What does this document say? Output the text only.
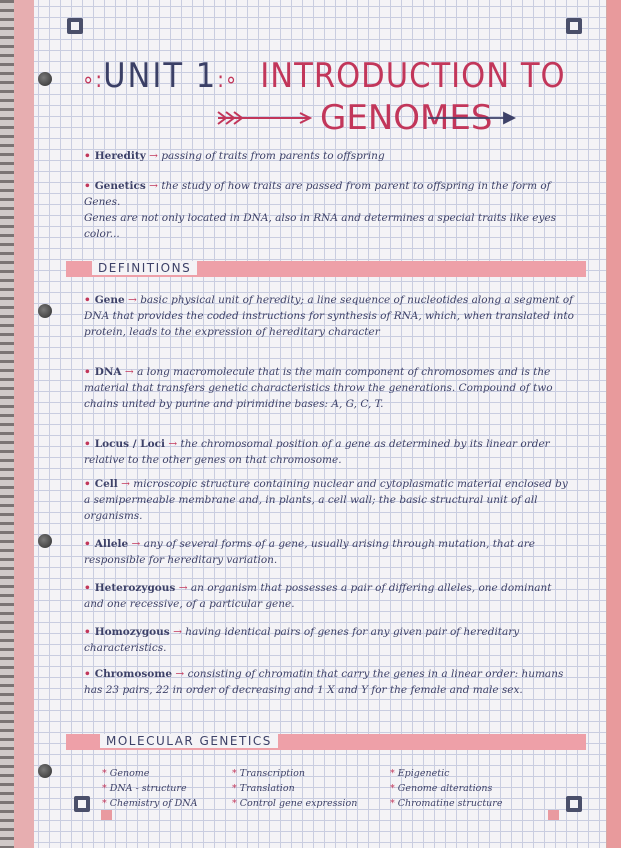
∘:UNIT 1:∘ INTRODUCTION TO
GENOMES
• Heredity → passing of traits from parents to offspring
• Genetics → the study of how traits are passed from parent to offspring in the form of Genes.
Genes are not only located in DNA, also in RNA and determines a special traits like eyes color...
DEFINITIONS
• Gene → basic physical unit of heredity; a line sequence of nucleotides along a segment of DNA that provides the coded instructions for synthesis of RNA, which, when translated into protein, leads to the expression of hereditary character
• DNA → a long macromolecule that is the main component of chromosomes and is the material that transfers genetic characteristics throw the generations. Compound of two chains united by purine and pirimidine bases: A, G, C, T.
• Locus / Loci → the chromosomal position of a gene as determined by its linear order relative to the other genes on that chromosome.
• Cell → microscopic structure containing nuclear and cytoplasmatic material enclosed by a semipermeable membrane and, in plants, a cell wall; the basic structural unit of all organisms.
• Allele → any of several forms of a gene, usually arising through mutation, that are responsible for hereditary variation.
• Heterozygous → an organism that possesses a pair of differing alleles, one dominant and one recessive, of a particular gene.
• Homozygous → having identical pairs of genes for any given pair of hereditary characteristics.
• Chromosome → consisting of chromatin that carry the genes in a linear order: humans has 23 pairs, 22 in order of decreasing and 1 X and Y for the female and male sex.
MOLECULAR GENETICS
* Genome
* DNA - structure
* Chemistry of DNA
* Transcription
* Translation
* Control gene expression
* Epigenetic
* Genome alterations
* Chromatine structure
